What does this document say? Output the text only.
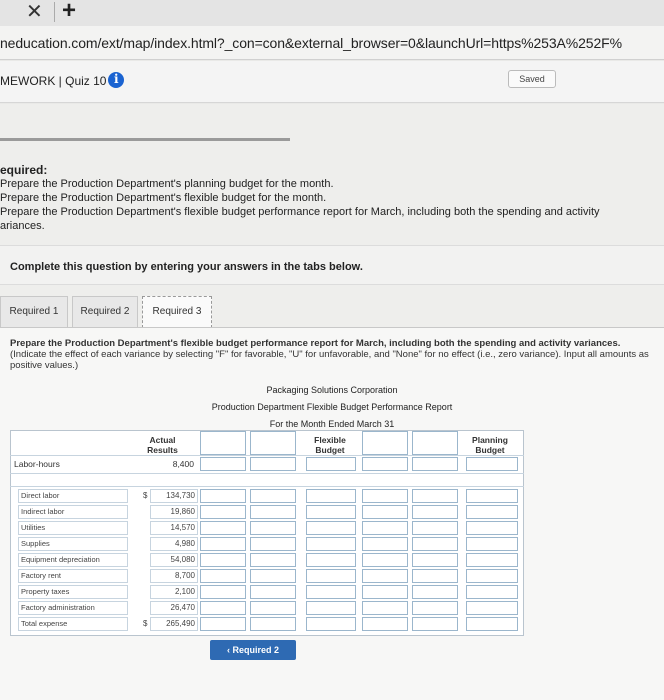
✕ +
neducation.com/ext/map/index.html?_con=con&external_browser=0&launchUrl=https%253A%252F%
MEWORK | Quiz 10
i	Saved
equired:
Prepare the Production Department's planning budget for the month.
Prepare the Production Department's flexible budget for the month.
Prepare the Production Department's flexible budget performance report for March, including both the spending and activity
ariances.
Complete this question by entering your answers in the tabs below.
Required 1	Required 2	Required 3
Prepare the Production Department's flexible budget performance report for March, including both the spending and activity variances. (Indicate the effect of each variance by selecting "F" for favorable, "U" for unfavorable, and "None" for no effect (i.e., zero variance). Input all amounts as positive values.)
Packaging Solutions Corporation
Production Department Flexible Budget Performance Report
For the Month Ended March 31
Actual Results
Flexible Budget
Planning Budget
Labor-hours	8,400
Direct labor	$	134,730
Indirect labor	19,860
Utilities	14,570
Supplies	4,980
Equipment depreciation	54,080
Factory rent	8,700
Property taxes	2,100
Factory administration	26,470
Total expense	$	265,490
‹ Required 2
